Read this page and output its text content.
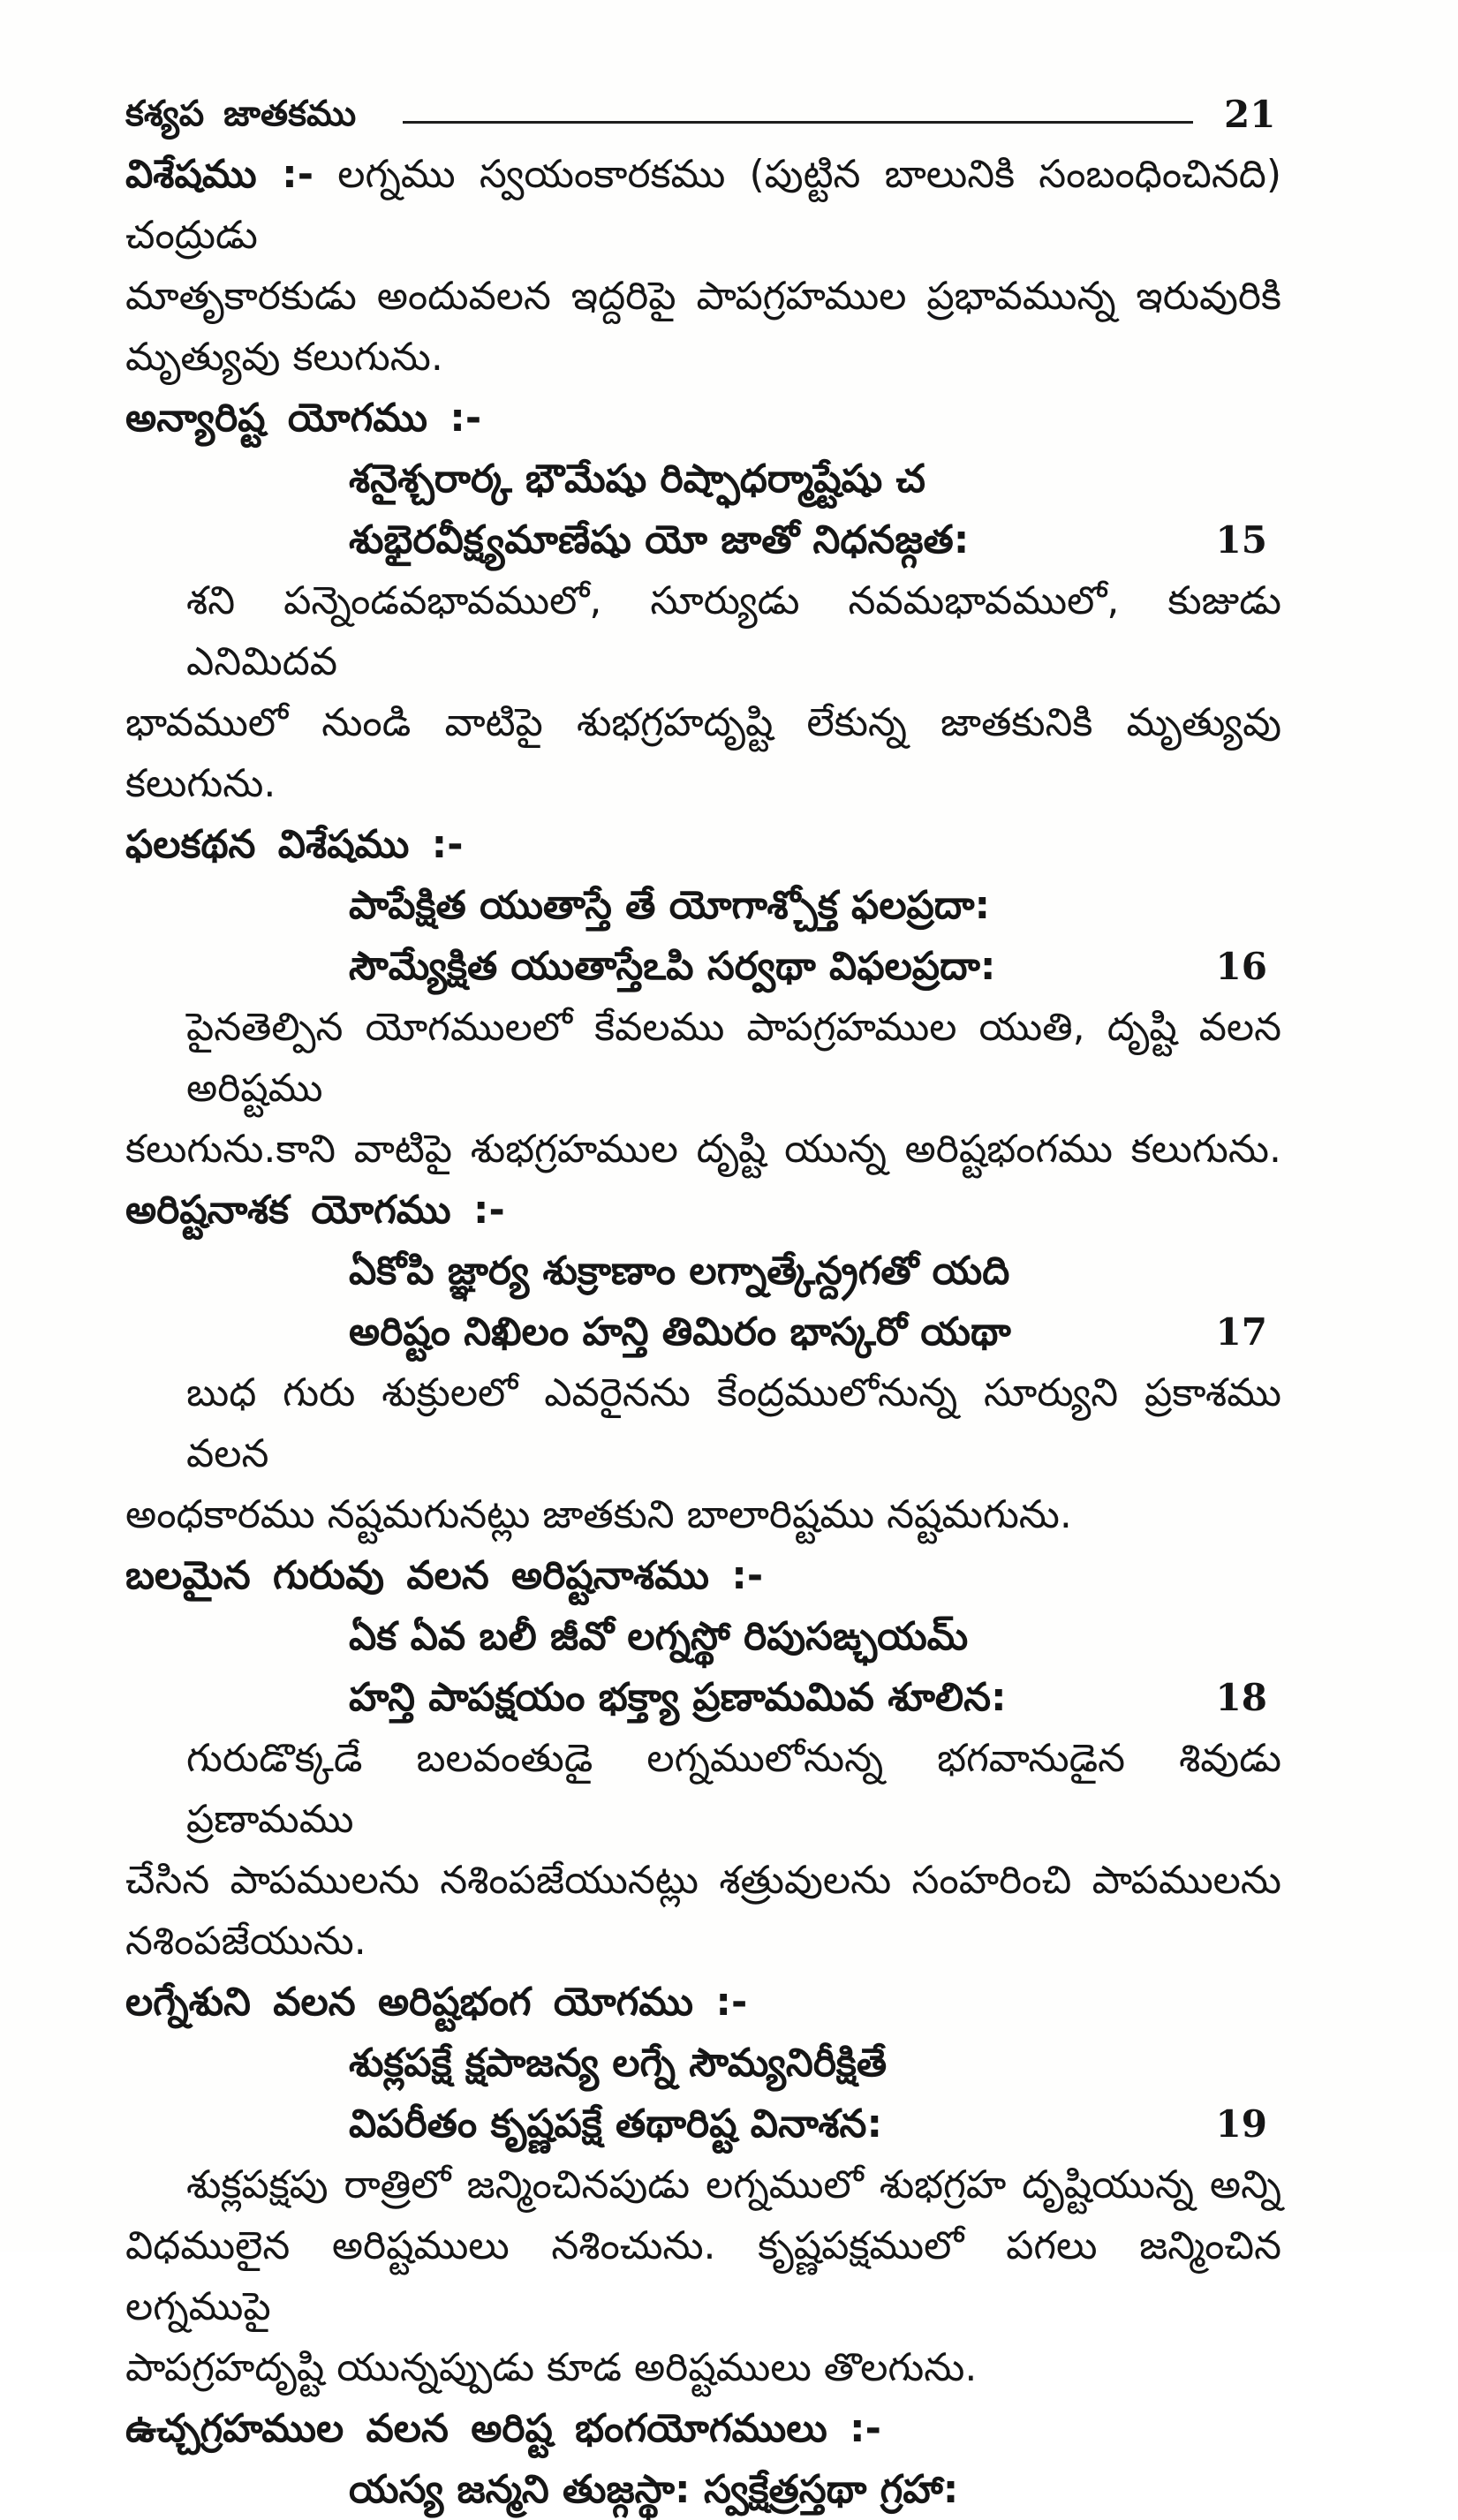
కశ్యప జాతకము	21
విశేషము :- లగ్నము స్వయంకారకము (పుట్టిన బాలునికి సంబంధించినది) చంద్రుడు
మాతృకారకుడు అందువలన ఇద్దరిపై పాపగ్రహముల ప్రభావమున్న ఇరువురికి
మృత్యువు కలుగును.
అన్యారిష్ట యోగము :-
శనైశ్చరార్క భౌమేషు రిష్ఫాధర్మాష్టేషు చ
శుభైరవీక్ష్యమాణేషు యో జాతో నిధనజ్గత:	15
శని పన్నెండవభావములో, సూర్యుడు నవమభావములో, కుజుడు ఎనిమిదవ
భావములో నుండి వాటిపై శుభగ్రహదృష్టి లేకున్న జాతకునికి మృత్యువు కలుగును.
ఫలకథన విశేషము :-
పాపేక్షిత యుతాస్తే తే యోగాశ్చోక్త ఫలప్రదా:
సౌమ్యేక్షిత యుతాస్తేఽపి సర్వథా విఫలప్రదా:	16
పైనతెల్పిన యోగములలో కేవలము పాపగ్రహముల యుతి, దృష్టి వలన అరిష్టము
కలుగును.కాని వాటిపై శుభగ్రహముల దృష్టి యున్న అరిష్టభంగము కలుగును.
అరిష్టనాశక యోగము :-
ఏకోపి జ్ఞార్య శుక్రాణాం లగ్నాత్కేన్ద్రగతో యది
అరిష్టం నిఖిలం హన్తి తిమిరం భాస్కరో యథా	17
బుధ గురు శుక్రులలో ఎవరైనను కేంద్రములోనున్న సూర్యుని ప్రకాశము వలన
అంధకారము నష్టమగునట్లు జాతకుని బాలారిష్టము నష్టమగును.
బలమైన గురువు వలన అరిష్టనాశము :-
ఏక ఏవ బలీ జీవో లగ్నస్థో రిపుసఙ్ఛయమ్
హన్తి పాపక్షయం భక్త్యా ప్రణామమివ శూలిన:	18
గురుడొక్కడే బలవంతుడై లగ్నములోనున్న భగవానుడైన శివుడు ప్రణామము
చేసిన పాపములను నశింపజేయునట్లు శత్రువులను సంహరించి పాపములను
నశింపజేయును.
లగ్నేశుని వలన అరిష్టభంగ యోగము :-
శుక్లపక్షే క్షపాజన్య లగ్నే సౌమ్యనిరీక్షితే
విపరీతం కృష్ణపక్షే తథారిష్ట వినాశన:	19
శుక్లపక్షపు రాత్రిలో జన్మించినపుడు లగ్నములో శుభగ్రహ దృష్టియున్న అన్ని
విధములైన అరిష్టములు నశించును. కృష్ణపక్షములో పగలు జన్మించిన లగ్నముపై
పాపగ్రహదృష్టి యున్నప్పుడు కూడ అరిష్టములు తొలగును.
ఉచ్చగ్రహముల వలన అరిష్ట భంగయోగములు :-
యస్య జన్మని తుజ్గస్థా: స్వక్షేత్రస్తథా గ్రహా:
